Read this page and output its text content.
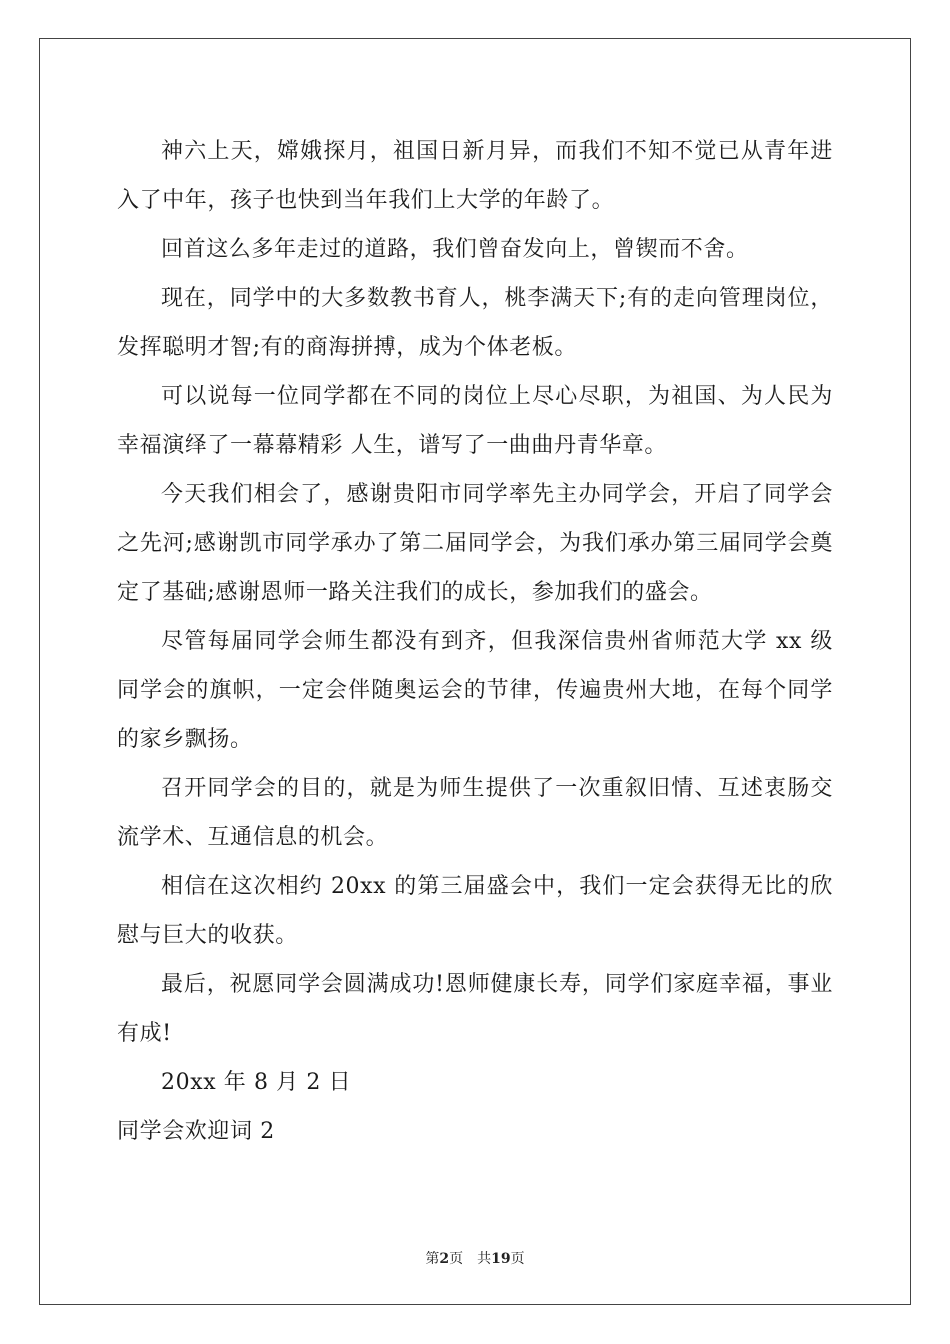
神六上天，嫦娥探月，祖国日新月异，而我们不知不觉已从青年进入了中年，孩子也快到当年我们上大学的年龄了。

回首这么多年走过的道路，我们曾奋发向上，曾锲而不舍。

现在，同学中的大多数教书育人，桃李满天下;有的走向管理岗位，发挥聪明才智;有的商海拼搏，成为个体老板。

可以说每一位同学都在不同的岗位上尽心尽职，为祖国、为人民为幸福演绎了一幕幕精彩 人生，谱写了一曲曲丹青华章。

今天我们相会了，感谢贵阳市同学率先主办同学会，开启了同学会之先河;感谢凯市同学承办了第二届同学会，为我们承办第三届同学会奠定了基础;感谢恩师一路关注我们的成长，参加我们的盛会。

尽管每届同学会师生都没有到齐，但我深信贵州省师范大学 xx 级同学会的旗帜，一定会伴随奥运会的节律，传遍贵州大地，在每个同学的家乡飘扬。

召开同学会的目的，就是为师生提供了一次重叙旧情、互述衷肠交流学术、互通信息的机会。

相信在这次相约 20xx 的第三届盛会中，我们一定会获得无比的欣慰与巨大的收获。

最后，祝愿同学会圆满成功!恩师健康长寿，同学们家庭幸福，事业有成!

20xx 年 8 月 2 日

同学会欢迎词 2

第2页 共19页
